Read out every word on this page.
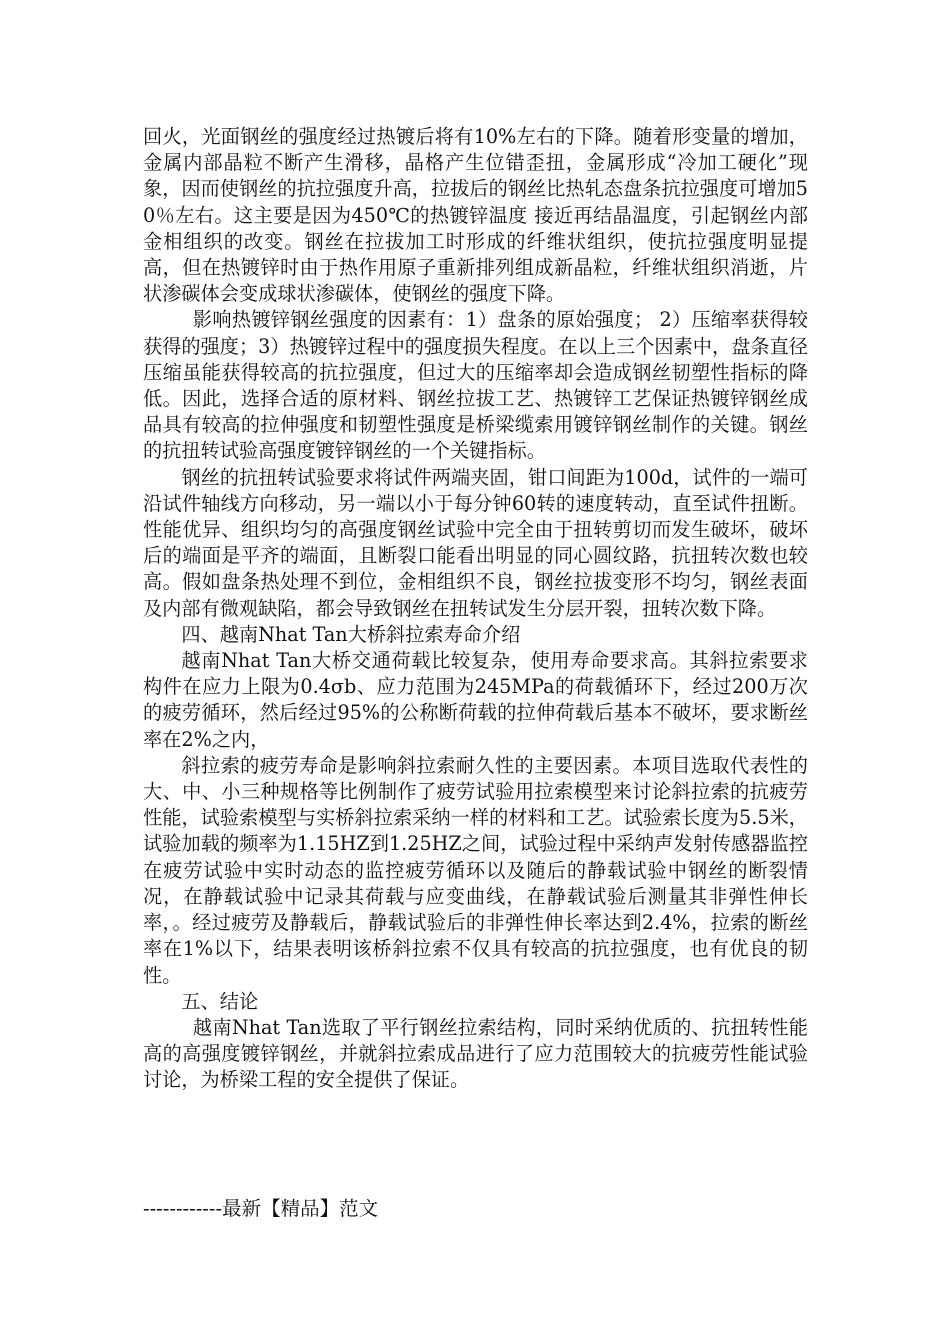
回火，光面钢丝的强度经过热镀后将有10%左右的下降。随着形变量的增加，金属内部晶粒不断产生滑移，晶格产生位错歪扭，金属形成“冷加工硬化”现象，因而使钢丝的抗拉强度升高，拉拔后的钢丝比热轧态盘条抗拉强度可增加50％左右。这主要是因为450℃的热镀锌温度 接近再结晶温度，引起钢丝内部金相组织的改变。钢丝在拉拔加工时形成的纤维状组织，使抗拉强度明显提高，但在热镀锌时由于热作用原子重新排列组成新晶粒，纤维状组织消逝，片状渗碳体会变成球状渗碳体，使钢丝的强度下降。

影响热镀锌钢丝强度的因素有：1）盘条的原始强度； 2）压缩率获得较获得的强度；3）热镀锌过程中的强度损失程度。在以上三个因素中，盘条直径压缩虽能获得较高的抗拉强度，但过大的压缩率却会造成钢丝韧塑性指标的降低。因此，选择合适的原材料、钢丝拉拔工艺、热镀锌工艺保证热镀锌钢丝成品具有较高的拉伸强度和韧塑性强度是桥梁缆索用镀锌钢丝制作的关键。钢丝的抗扭转试验高强度镀锌钢丝的一个关键指标。

钢丝的抗扭转试验要求将试件两端夹固，钳口间距为100d，试件的一端可沿试件轴线方向移动，另一端以小于每分钟60转的速度转动，直至试件扭断。性能优异、组织均匀的高强度钢丝试验中完全由于扭转剪切而发生破坏，破坏后的端面是平齐的端面，且断裂口能看出明显的同心圆纹路，抗扭转次数也较高。假如盘条热处理不到位，金相组织不良，钢丝拉拔变形不均匀，钢丝表面及内部有微观缺陷，都会导致钢丝在扭转试发生分层开裂，扭转次数下降。

四、越南Nhat Tan大桥斜拉索寿命介绍

越南Nhat Tan大桥交通荷载比较复杂，使用寿命要求高。其斜拉索要求构件在应力上限为0.4σb、应力范围为245MPa的荷载循环下，经过200万次的疲劳循环，然后经过95%的公称断荷载的拉伸荷载后基本不破坏，要求断丝率在2%之内，

斜拉索的疲劳寿命是影响斜拉索耐久性的主要因素。本项目选取代表性的大、中、小三种规格等比例制作了疲劳试验用拉索模型来讨论斜拉索的抗疲劳性能，试验索模型与实桥斜拉索采纳一样的材料和工艺。试验索长度为5.5米，试验加载的频率为1.15HZ到1.25HZ之间，试验过程中采纳声发射传感器监控在疲劳试验中实时动态的监控疲劳循环以及随后的静载试验中钢丝的断裂情况，在静载试验中记录其荷载与应变曲线，在静载试验后测量其非弹性伸长率，。经过疲劳及静载后，静载试验后的非弹性伸长率达到2.4%，拉索的断丝率在1%以下，结果表明该桥斜拉索不仅具有较高的抗拉强度，也有优良的韧性。

五、结论

越南Nhat Tan选取了平行钢丝拉索结构，同时采纳优质的、抗扭转性能高的高强度镀锌钢丝，并就斜拉索成品进行了应力范围较大的抗疲劳性能试验讨论，为桥梁工程的安全提供了保证。

------------最新【精品】范文
